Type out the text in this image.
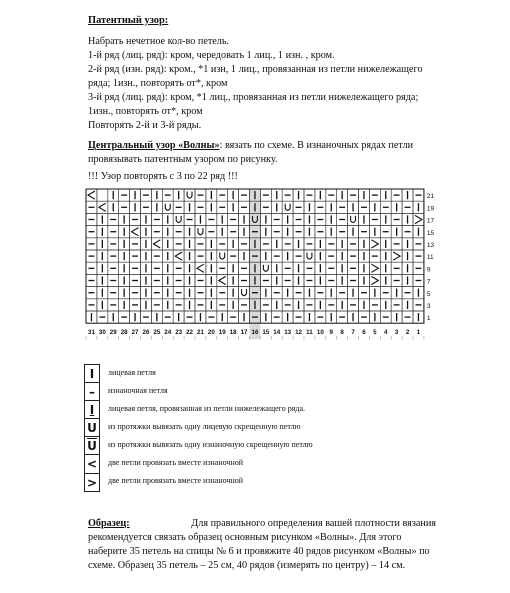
Патентный узор:
Набрать нечетное кол-во петель.
1-й ряд (лиц. ряд): кром, чередовать 1 лиц., 1 изн. , кром.
2-й ряд (изн. ряд): кром., *1 изн, 1 лиц., провязанная из петли нижележащего
ряда; 1изн., повторять от*, кром
3-й ряд (лиц. ряд): кром, *1 лиц., провязанная из петли нижележащего ряда;
1изн., повторять от*, кром
Повторять 2-й и 3-й ряды.
Центральный узор «Волны»: вязать по схеме. В изнаночных рядах петли
провязывать патентным узором по рисунку.
!!! Узор повторять с 3 по 22 ряд !!!
21
19
17
15
13
11
9
7
5
3
1
31 30 29 28 27 26 25 24 23 22 21 20 19 18 17 16 15 14 13 12 11 10 9 8 7 6 5 4 3 2 1
I
–
I
U
$\overline{U}$
<
>
лицевая петля
изнаночная петля
лицевая петля, провязанная из петли нижележащего ряда.
из протяжки вывязать одну лицевую скрещенную петлю
из протяжки вывязать одну изнаночную скрещенную петлю
две петли провязать вместе изнаночной
две петли провязать вместе изнаночной
Образец:	Для правильного определения вашей плотности вязания
рекомендуется связать образец основным рисунком «Волны». Для этого
наберите 35 петель на спицы № 6 и провяжите 40 рядов рисунком «Волны» по
схеме. Образец 35 петель – 25 см, 40 рядов (измерять по центру) – 14 см.
